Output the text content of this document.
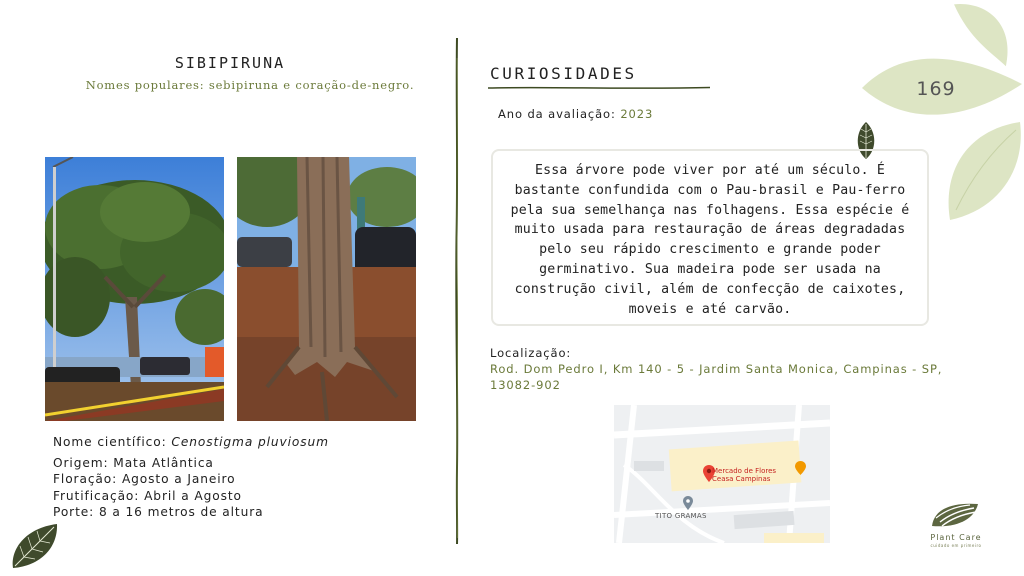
SIBIPIRUNA
Nomes populares: sebipiruna e coração-de-negro.
Nome científico: Cenostigma pluviosum
Origem: Mata Atlântica
Floração: Agosto a Janeiro
Frutificação: Abril a Agosto
Porte: 8 a 16 metros de altura
CURIOSIDADES
Ano da avaliação: 2023
Essa árvore pode viver por até um século. É bastante confundida com o Pau-brasil e Pau-ferro pela sua semelhança nas folhagens. Essa espécie é muito usada para restauração de áreas degradadas pelo seu rápido crescimento e grande poder germinativo. Sua madeira pode ser usada na construção civil, além de confecção de caixotes, moveis e até carvão.
Localização:
Rod. Dom Pedro I, Km 140 - 5 - Jardim Santa Monica, Campinas - SP, 13082-902
Mercado de Flores
Ceasa Campinas
TITO GRAMAS
169
Plant Care
cuidado em primeiro
